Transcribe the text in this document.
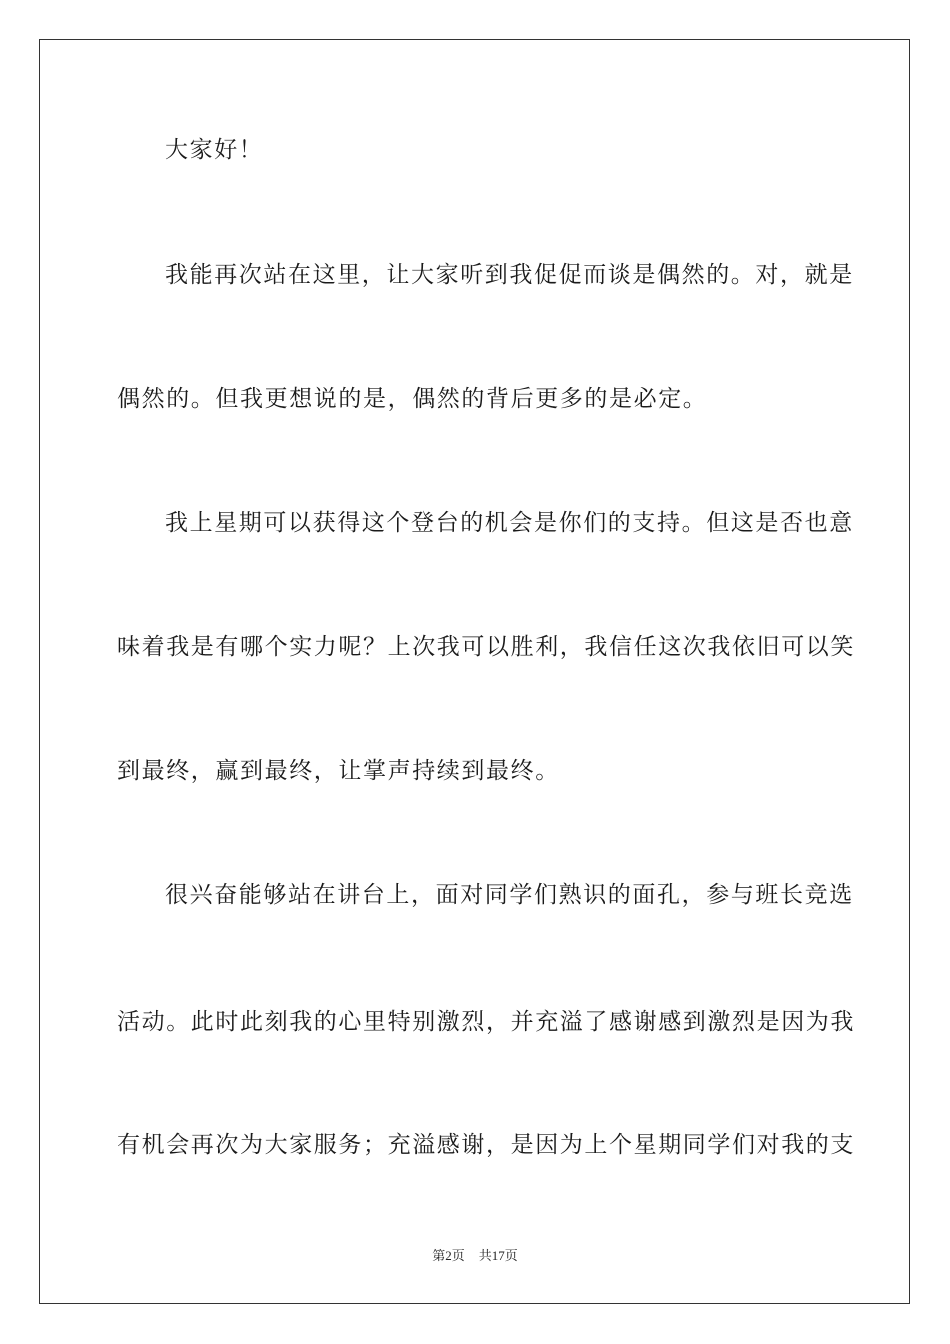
大家好！
我能再次站在这里，让大家听到我促促而谈是偶然的。对，就是
偶然的。但我更想说的是，偶然的背后更多的是必定。
我上星期可以获得这个登台的机会是你们的支持。但这是否也意
味着我是有哪个实力呢？上次我可以胜利，我信任这次我依旧可以笑
到最终，赢到最终，让掌声持续到最终。
很兴奋能够站在讲台上，面对同学们熟识的面孔，参与班长竞选
活动。此时此刻我的心里特别激烈，并充溢了感谢感到激烈是因为我
有机会再次为大家服务；充溢感谢，是因为上个星期同学们对我的支
第2页 共17页
